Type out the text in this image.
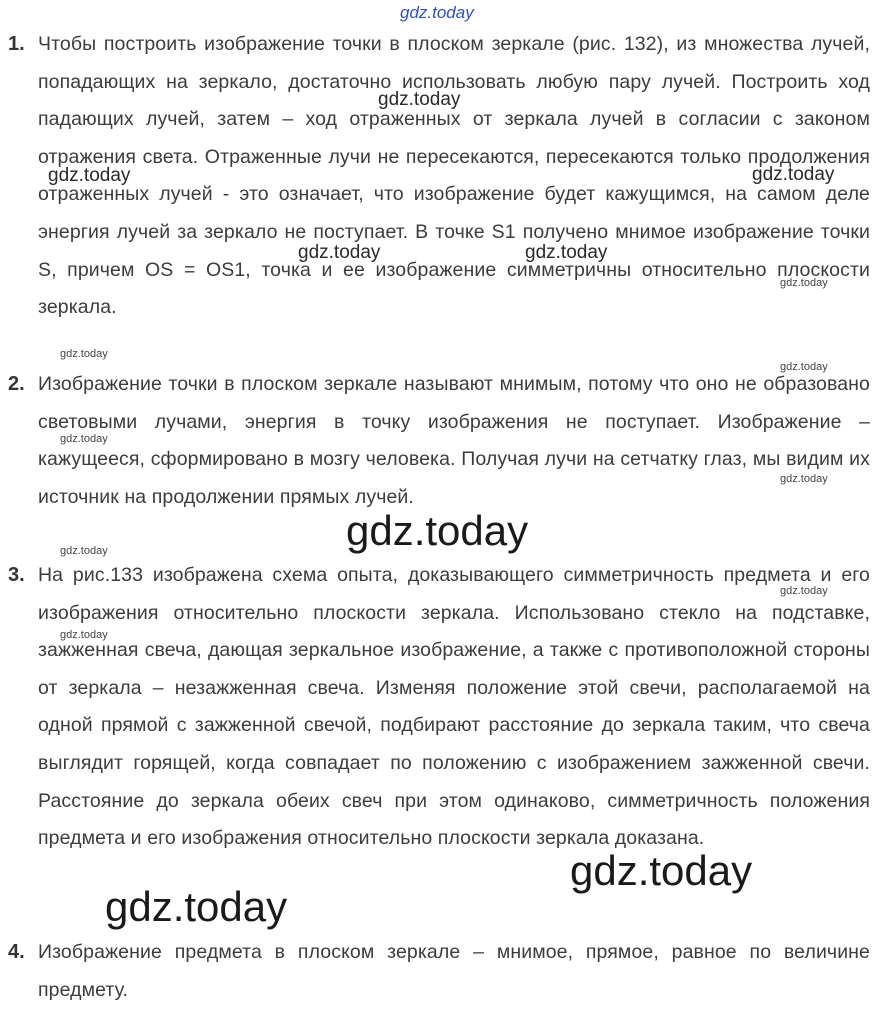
gdz.today
gdz.today
gdz.today	gdz.today
gdz.today	gdz.today
gdz.today
gdz.today
gdz.today
gdz.today
gdz.today
gdz.today
gdz.today
gdz.today
gdz.today
gdz.today
gdz.today
1. Чтобы построить изображение точки в плоском зеркале (рис. 132), из множества лучей, попадающих на зеркало, достаточно использовать любую пару лучей. Построить ход падающих лучей, затем – ход отраженных от зеркала лучей в согласии с законом отражения света. Отраженные лучи не пересекаются, пересекаются только продолжения отраженных лучей - это означает, что изображение будет кажущимся, на самом деле энергия лучей за зеркало не поступает. В точке S1 получено мнимое изображение точки S, причем OS = OS1, точка и ее изображение симметричны относительно плоскости зеркала.
2. Изображение точки в плоском зеркале называют мнимым, потому что оно не образовано световыми лучами, энергия в точку изображения не поступает. Изображение – кажущееся, сформировано в мозгу человека. Получая лучи на сетчатку глаз, мы видим их источник на продолжении прямых лучей.
3. На рис.133 изображена схема опыта, доказывающего симметричность предмета и его изображения относительно плоскости зеркала. Использовано стекло на подставке, зажженная свеча, дающая зеркальное изображение, а также с противоположной стороны от зеркала – незажженная свеча. Изменяя положение этой свечи, располагаемой на одной прямой с зажженной свечой, подбирают расстояние до зеркала таким, что свеча выглядит горящей, когда совпадает по положению с изображением зажженной свечи. Расстояние до зеркала обеих свеч при этом одинаково, симметричность положения предмета и его изображения относительно плоскости зеркала доказана.
4. Изображение предмета в плоском зеркале – мнимое, прямое, равное по величине предмету.
